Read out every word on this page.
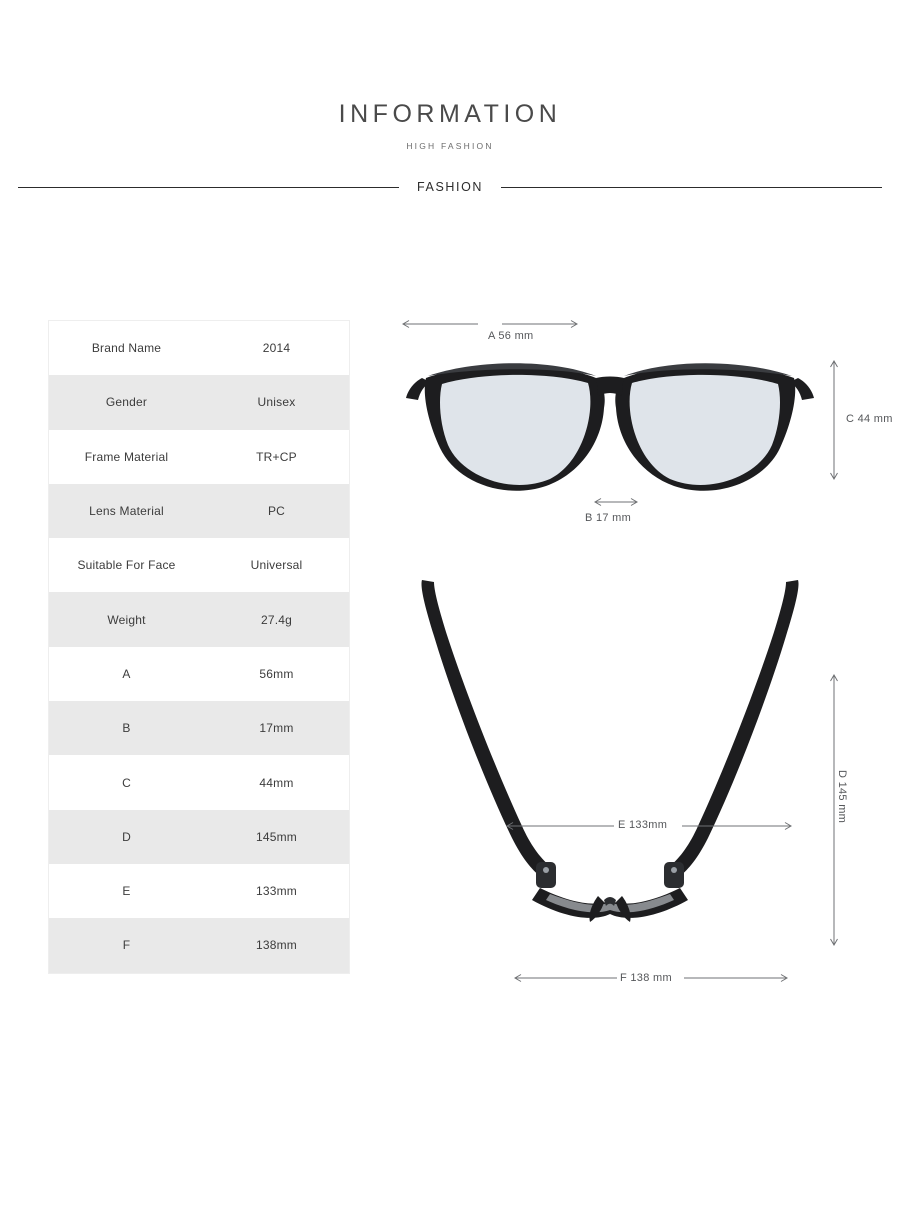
INFORMATION
HIGH FASHION
FASHION
Brand Name	2014
Gender	Unisex
Frame Material	TR+CP
Lens Material	PC
Suitable For Face	Universal
Weight	27.4g
A	56mm
B	17mm
C	44mm
D	145mm
E	133mm
F	138mm
A 56 mm
C 44 mm
B 17 mm
D 145 mm
E 133mm
F 138 mm
